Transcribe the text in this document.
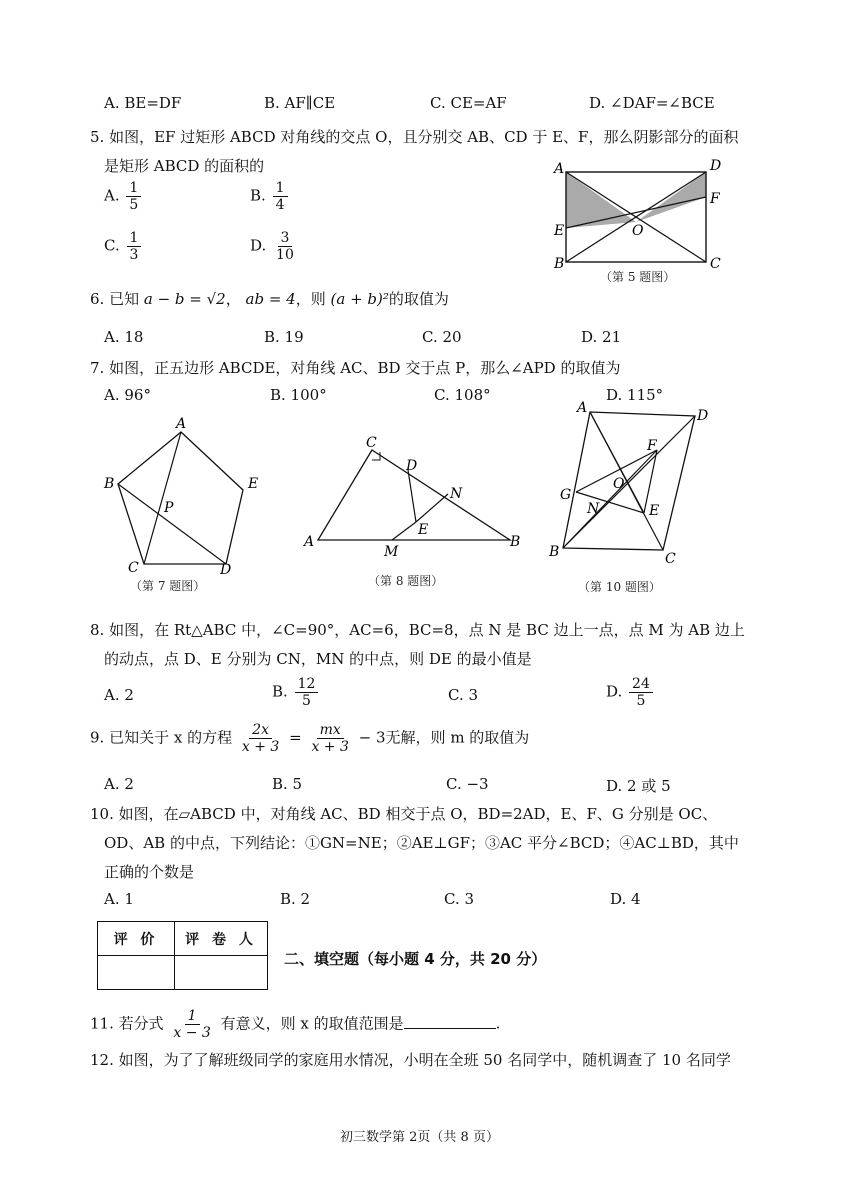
A. BE=DF	B. AF∥CE	C. CE=AF	D. ∠DAF=∠BCE
5. 如图，EF 过矩形 ABCD 对角线的交点 O，且分别交 AB、CD 于 E、F，那么阴影部分的面积
是矩形 ABCD 的面积的
A. $\frac{1}{5}$	B. $\frac{1}{4}$
C. $\frac{1}{3}$	D. $\frac{3}{10}$
A	D
E
F
O
B	C
（第 5 题图）
6. 已知 a − b = √2， ab = 4，则 (a + b)²的取值为
A. 18	B. 19	C. 20	D. 21
7. 如图，正五边形 ABCDE，对角线 AC、BD 交于点 P，那么∠APD 的取值为
A. 96°	B. 100°	C. 108°	D. 115°
A
B	E
P
C	D
（第 7 题图）
C
D
N
E
A
M
B
（第 8 题图）
A	D
F
O
G
N	E
B	C
（第 10 题图）
8. 如图，在 Rt△ABC 中，∠C=90°，AC=6，BC=8，点 N 是 BC 边上一点，点 M 为 AB 边上
的动点，点 D、E 分别为 CN，MN 的中点，则 DE 的最小值是
A. 2	B. $\frac{12}{5}$	C. 3	D. $\frac{24}{5}$
9. 已知关于 x 的方程 $\frac{2x}{x + 3} = \frac{mx}{x + 3} - 3$无解，则 m 的取值为
A. 2	B. 5	C. −3	D. 2 或 5
10. 如图，在▱ABCD 中，对角线 AC、BD 相交于点 O，BD=2AD，E、F、G 分别是 OC、
OD、AB 的中点，下列结论：①GN=NE；②AE⊥GF；③AC 平分∠BCD；④AC⊥BD，其中
正确的个数是
A. 1	B. 2	C. 3	D. 4
评 价	评 卷 人

二、填空题（每小题 4 分，共 20 分）
11. 若分式 $\frac{1}{x - 3}$ 有意义，则 x 的取值范围是	.
12. 如图，为了了解班级同学的家庭用水情况，小明在全班 50 名同学中，随机调查了 10 名同学
初三数学第 2页（共 8 页）
